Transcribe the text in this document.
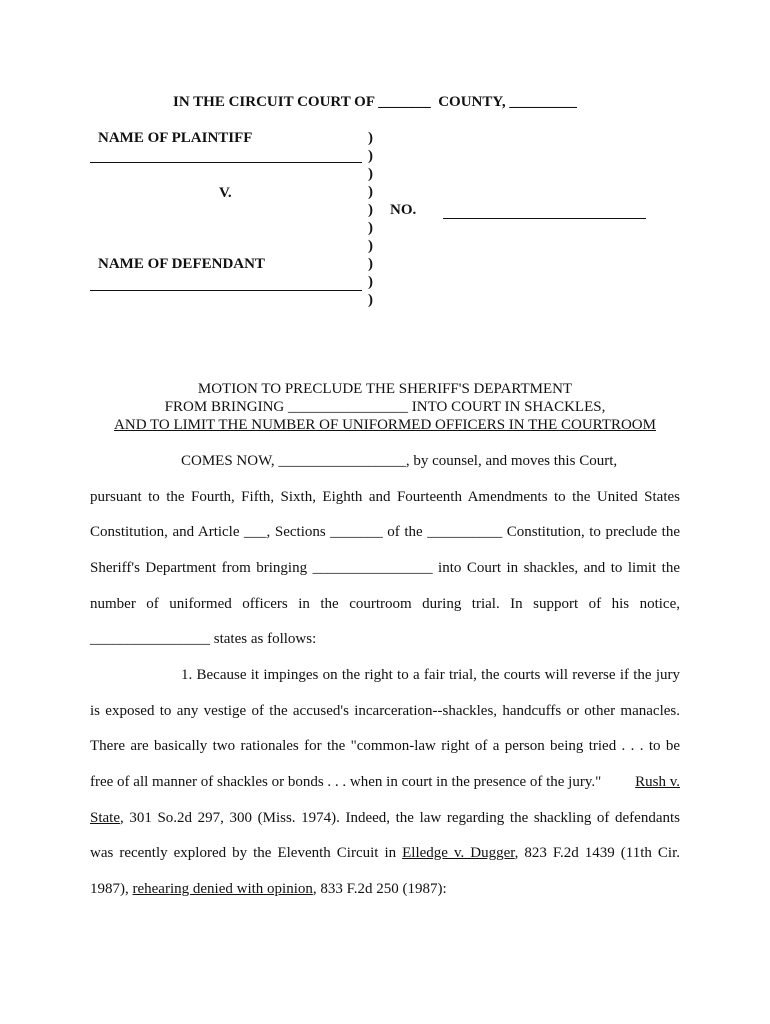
IN THE CIRCUIT COURT OF _______ COUNTY, _________
NAME OF PLAINTIFF
V.
NAME OF DEFENDANT
NO.
)
)
)
)
)
)
)
)
)
)
MOTION TO PRECLUDE THE SHERIFF'S DEPARTMENT
FROM BRINGING ________________ INTO COURT IN SHACKLES,
AND TO LIMIT THE NUMBER OF UNIFORMED OFFICERS IN THE COURTROOM
COMES NOW, _________________, by counsel, and moves this Court,
pursuant to the Fourth, Fifth, Sixth, Eighth and Fourteenth Amendments to the United States
Constitution, and Article ___, Sections _______ of the __________ Constitution, to preclude the
Sheriff's Department from bringing ________________ into Court in shackles, and to limit the
number of uniformed officers in the courtroom during trial. In support of his notice,
________________ states as follows:
1. Because it impinges on the right to a fair trial, the courts will reverse if the jury
is exposed to any vestige of the accused's incarceration--shackles, handcuffs or other manacles.
There are basically two rationales for the "common-law right of a person being tried . . . to be
free of all manner of shackles or bonds . . . when in court in the presence of the jury." Rush v.
State, 301 So.2d 297, 300 (Miss. 1974). Indeed, the law regarding the shackling of defendants
was recently explored by the Eleventh Circuit in Elledge v. Dugger, 823 F.2d 1439 (11th Cir.
1987), rehearing denied with opinion, 833 F.2d 250 (1987):
